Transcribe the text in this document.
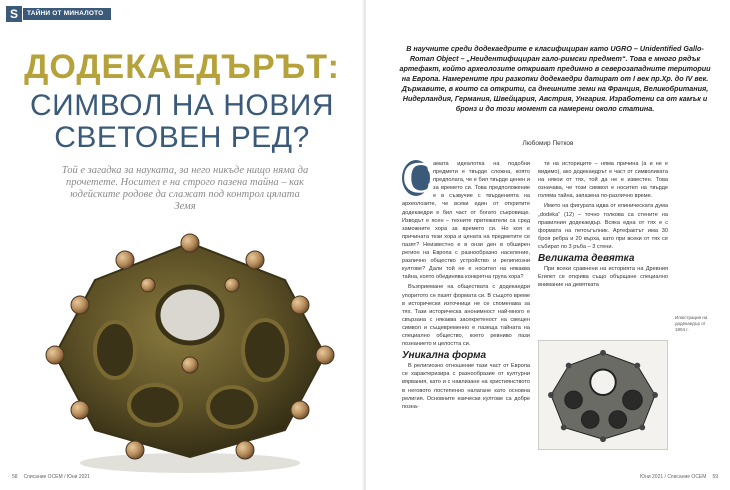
S	ТАЙНИ ОТ МИНАЛОТО
ДОДЕКАЕДЪРЪТ:
СИМВОЛ НА НОВИЯ
СВЕТОВЕН РЕД?
Той е загадка за науката, за него никъде нищо няма да прочетете. Носител е на строго пазена тайна – как юдейските родове да слажат под контрол цялата Земя
58 Списание ОСЕМ / Юни 2021
В научните среди додекаедрите е класифициран като UGRO – Unidentified Gallo-Roman Object – „Неидентифициран гало-римски предмет“. Това е много рядък артефакт, който археолозите откриват предимно в северозападните територии на Европа. Намерените при разкопки додекаедри датират от I век пр.Хр. до IV век. Държавите, в които са открити, са днешните земи на Франция, Великобритания, Нидерландия, Германия, Швейцария, Австрия, Унгария. Изработени са от камък и бронз и до този момент са намерени около статина.
Любомир Петков

С амата идеалотка на подобни предмети е твърде сложна, която предполага, че е бил твърде ценен и за времето си. Това предположение е в съзвучие с твърденията на археолозите, че всеки един от откритите додекаедри е бил част от богато съкровище. Изводът е ясен – техните притежатели са сред заможните хора за времето си. Но коя е причината тези хора и цената на предметите се пазят? Неизвестно е в онзи ден в обширен регион на Европа с разнообразно население, различно общество устройство и религиозни култове? Дали той не е носител на някаква тайна, която обединява конкретна група хора?

Възприемане на обществата с додекаедри упоритото се пазят формата си. В същото време в исторически източници не се споменава за тях. Тази историческа анонимност най-много е свързана с някаква засекретеност на свещен символ и същевременно е пазеща тайната на специално общество, което ревниво пази познанието и целостта си.

Уникална форма

В религиозно отношение тази част от Европа се характеризира с разнообразие от културни вярвания, като и с навлизане на християнството в неговото постепенно налагане като основна религия. Основните езически култове са добре позна-

ти на историците – няма причина (а и не е видимо), ако додекаедрът е част от символиката на някои от тях, той да не е известен. Това означава, че този символ е носител на твърде голяма тайна, запазена по-различно време.

Името на фигурата идва от елиническата дума „dodeka“ (12) – точно толкова са стените на правилния додекаедър. Всяка една от тях е с формата на петоъгълник. Артефактът има 30 броя ребра и 20 върха, като при всеки от тях се събират по 3 ръба – 3 стени.

Великата девятка

При всеки сравнени на историята на Древния Египет се открива също обърщане специално внимание на девятката

Илюстрация на додекаедър от 1804 г.
Юни 2021 / Списание ОСЕМ 59
